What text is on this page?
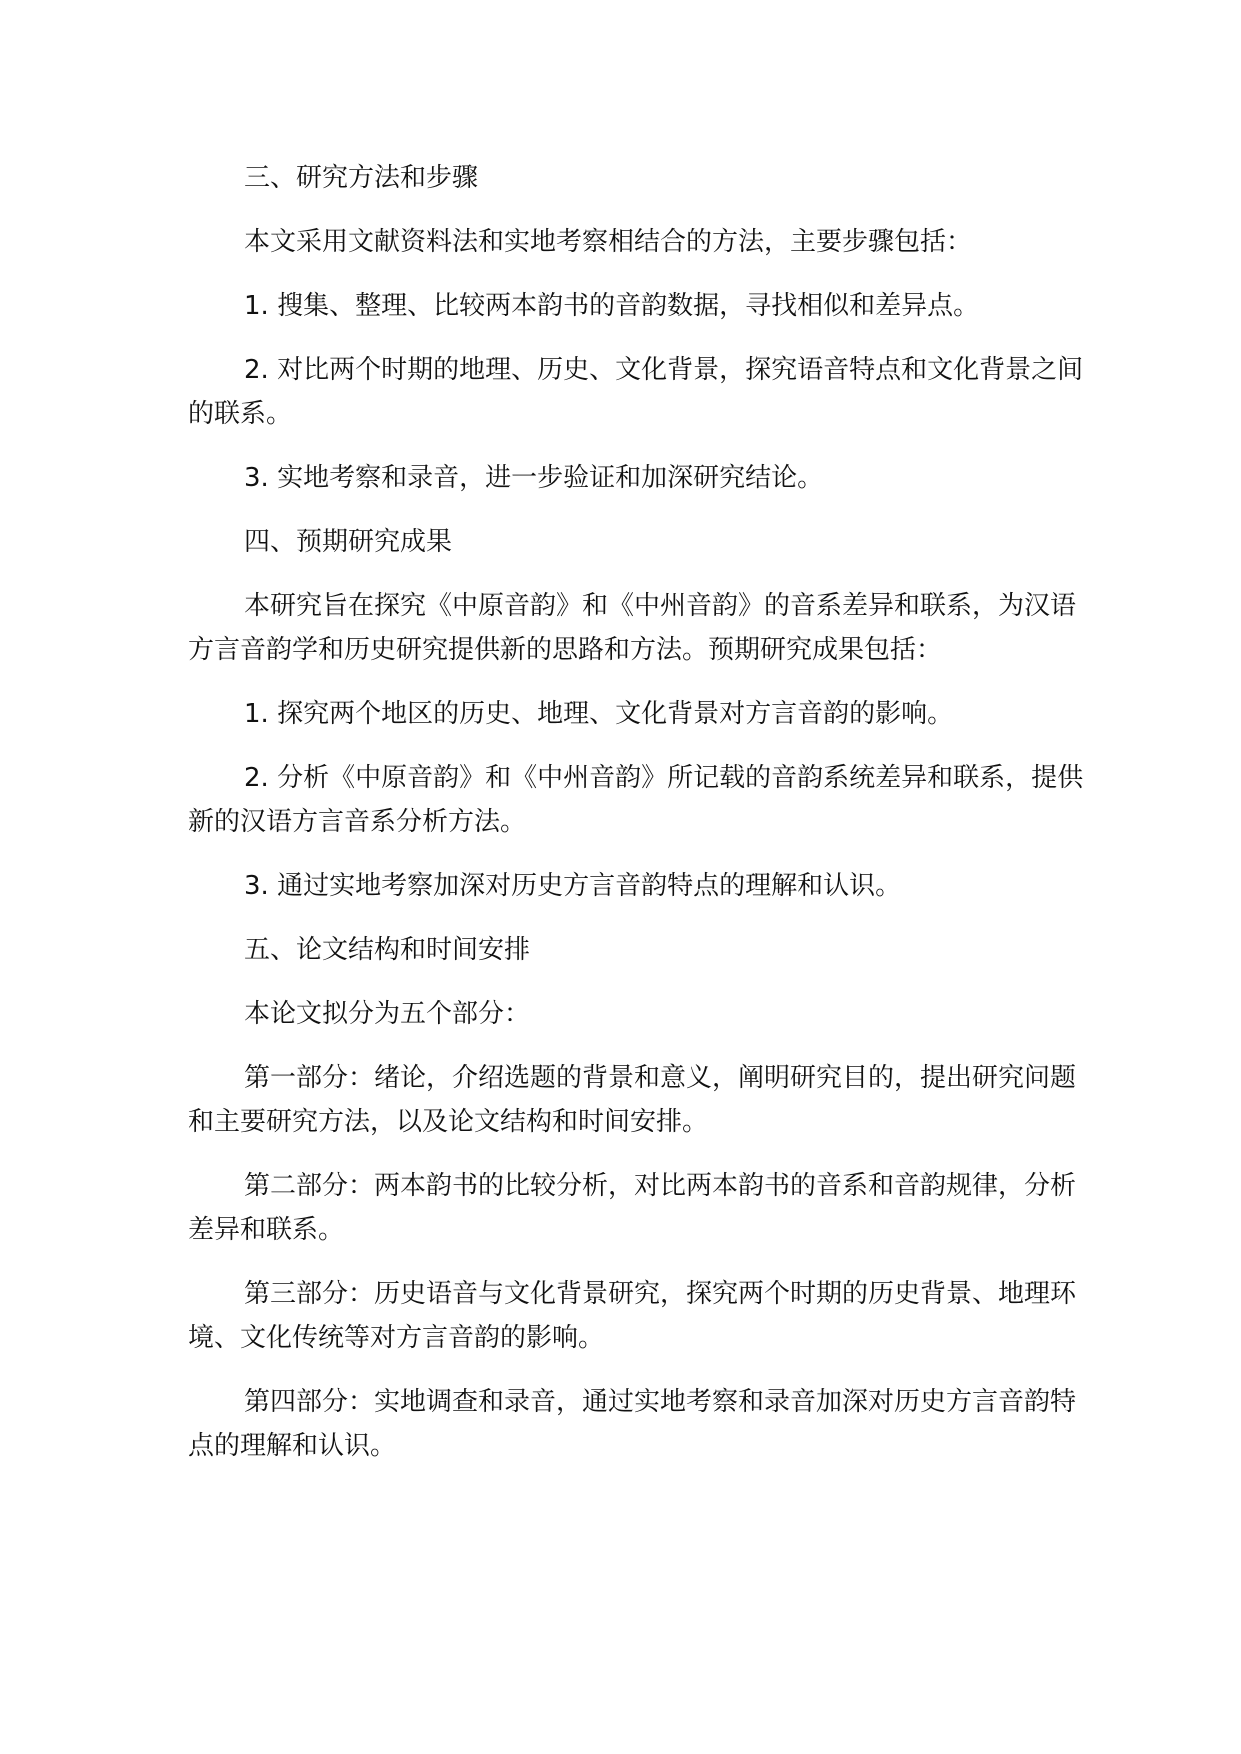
三、研究方法和步骤

本文采用文献资料法和实地考察相结合的方法，主要步骤包括：

1. 搜集、整理、比较两本韵书的音韵数据，寻找相似和差异点。

2. 对比两个时期的地理、历史、文化背景，探究语音特点和文化背景之间的联系。

3. 实地考察和录音，进一步验证和加深研究结论。

四、预期研究成果

本研究旨在探究《中原音韵》和《中州音韵》的音系差异和联系，为汉语方言音韵学和历史研究提供新的思路和方法。预期研究成果包括：

1. 探究两个地区的历史、地理、文化背景对方言音韵的影响。

2. 分析《中原音韵》和《中州音韵》所记载的音韵系统差异和联系，提供新的汉语方言音系分析方法。

3. 通过实地考察加深对历史方言音韵特点的理解和认识。

五、论文结构和时间安排

本论文拟分为五个部分：

第一部分：绪论，介绍选题的背景和意义，阐明研究目的，提出研究问题和主要研究方法，以及论文结构和时间安排。

第二部分：两本韵书的比较分析，对比两本韵书的音系和音韵规律，分析差异和联系。

第三部分：历史语音与文化背景研究，探究两个时期的历史背景、地理环境、文化传统等对方言音韵的影响。

第四部分：实地调查和录音，通过实地考察和录音加深对历史方言音韵特点的理解和认识。
